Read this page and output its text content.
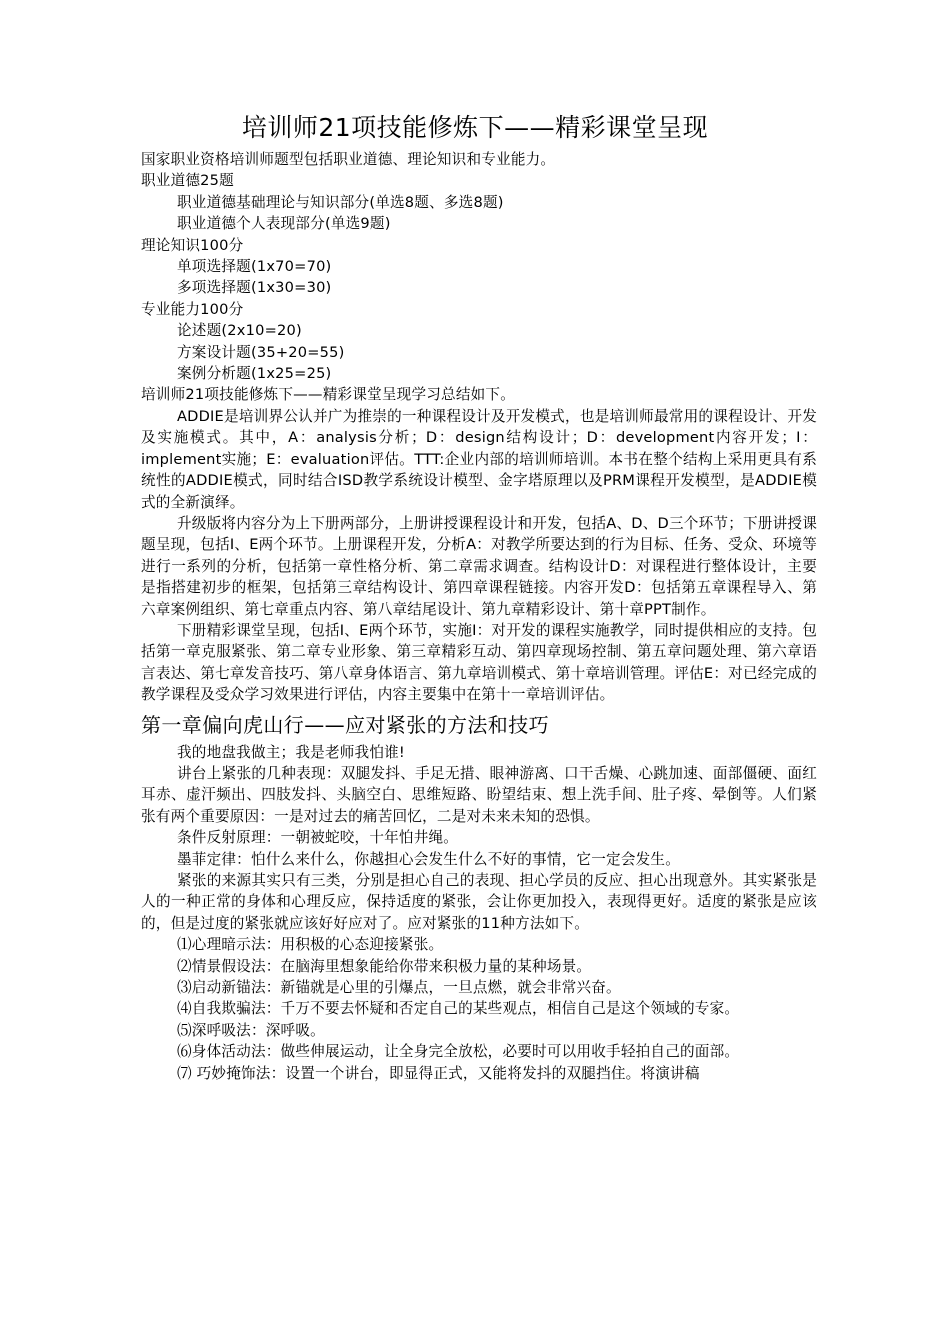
培训师21项技能修炼下——精彩课堂呈现

国家职业资格培训师题型包括职业道德、理论知识和专业能力。

职业道德25题

职业道德基础理论与知识部分(单选8题、多选8题)

职业道德个人表现部分(单选9题)

理论知识100分

单项选择题(1x70=70)

多项选择题(1x30=30)

专业能力100分

论述题(2x10=20)

方案设计题(35+20=55)

案例分析题(1x25=25)

培训师21项技能修炼下——精彩课堂呈现学习总结如下。

ADDIE是培训界公认并广为推崇的一种课程设计及开发模式，也是培训师最常用的课程设计、开发及实施模式。其中，A：analysis分析；D：design结构设计；D：development内容开发；I：implement实施；E：evaluation评估。TTT:企业内部的培训师培训。本书在整个结构上采用更具有系统性的ADDIE模式，同时结合ISD教学系统设计模型、金字塔原理以及PRM课程开发模型，是ADDIE模式的全新演绎。

升级版将内容分为上下册两部分，上册讲授课程设计和开发，包括A、D、D三个环节；下册讲授课题呈现，包括I、E两个环节。上册课程开发，分析A：对教学所要达到的行为目标、任务、受众、环境等进行一系列的分析，包括第一章性格分析、第二章需求调查。结构设计D：对课程进行整体设计，主要是指搭建初步的框架，包括第三章结构设计、第四章课程链接。内容开发D：包括第五章课程导入、第六章案例组织、第七章重点内容、第八章结尾设计、第九章精彩设计、第十章PPT制作。

下册精彩课堂呈现，包括I、E两个环节，实施I：对开发的课程实施教学，同时提供相应的支持。包括第一章克服紧张、第二章专业形象、第三章精彩互动、第四章现场控制、第五章问题处理、第六章语言表达、第七章发音技巧、第八章身体语言、第九章培训模式、第十章培训管理。评估E：对已经完成的教学课程及受众学习效果进行评估，内容主要集中在第十一章培训评估。

第一章偏向虎山行——应对紧张的方法和技巧

我的地盘我做主；我是老师我怕谁!

讲台上紧张的几种表现：双腿发抖、手足无措、眼神游离、口干舌燥、心跳加速、面部僵硬、面红耳赤、虚汗频出、四肢发抖、头脑空白、思维短路、盼望结束、想上洗手间、肚子疼、晕倒等。人们紧张有两个重要原因：一是对过去的痛苦回忆，二是对未来未知的恐惧。

条件反射原理：一朝被蛇咬，十年怕井绳。

墨菲定律：怕什么来什么，你越担心会发生什么不好的事情，它一定会发生。

紧张的来源其实只有三类，分别是担心自己的表现、担心学员的反应、担心出现意外。其实紧张是人的一种正常的身体和心理反应，保持适度的紧张，会让你更加投入，表现得更好。适度的紧张是应该的，但是过度的紧张就应该好好应对了。应对紧张的11种方法如下。

⑴心理暗示法：用积极的心态迎接紧张。

⑵情景假设法：在脑海里想象能给你带来积极力量的某种场景。

⑶启动新锚法：新锚就是心里的引爆点，一旦点燃，就会非常兴奋。

⑷自我欺骗法：千万不要去怀疑和否定自己的某些观点，相信自己是这个领域的专家。

⑸深呼吸法：深呼吸。

⑹身体活动法：做些伸展运动，让全身完全放松，必要时可以用收手轻拍自己的面部。

⑺ 巧妙掩饰法：设置一个讲台，即显得正式，又能将发抖的双腿挡住。将演讲稿
